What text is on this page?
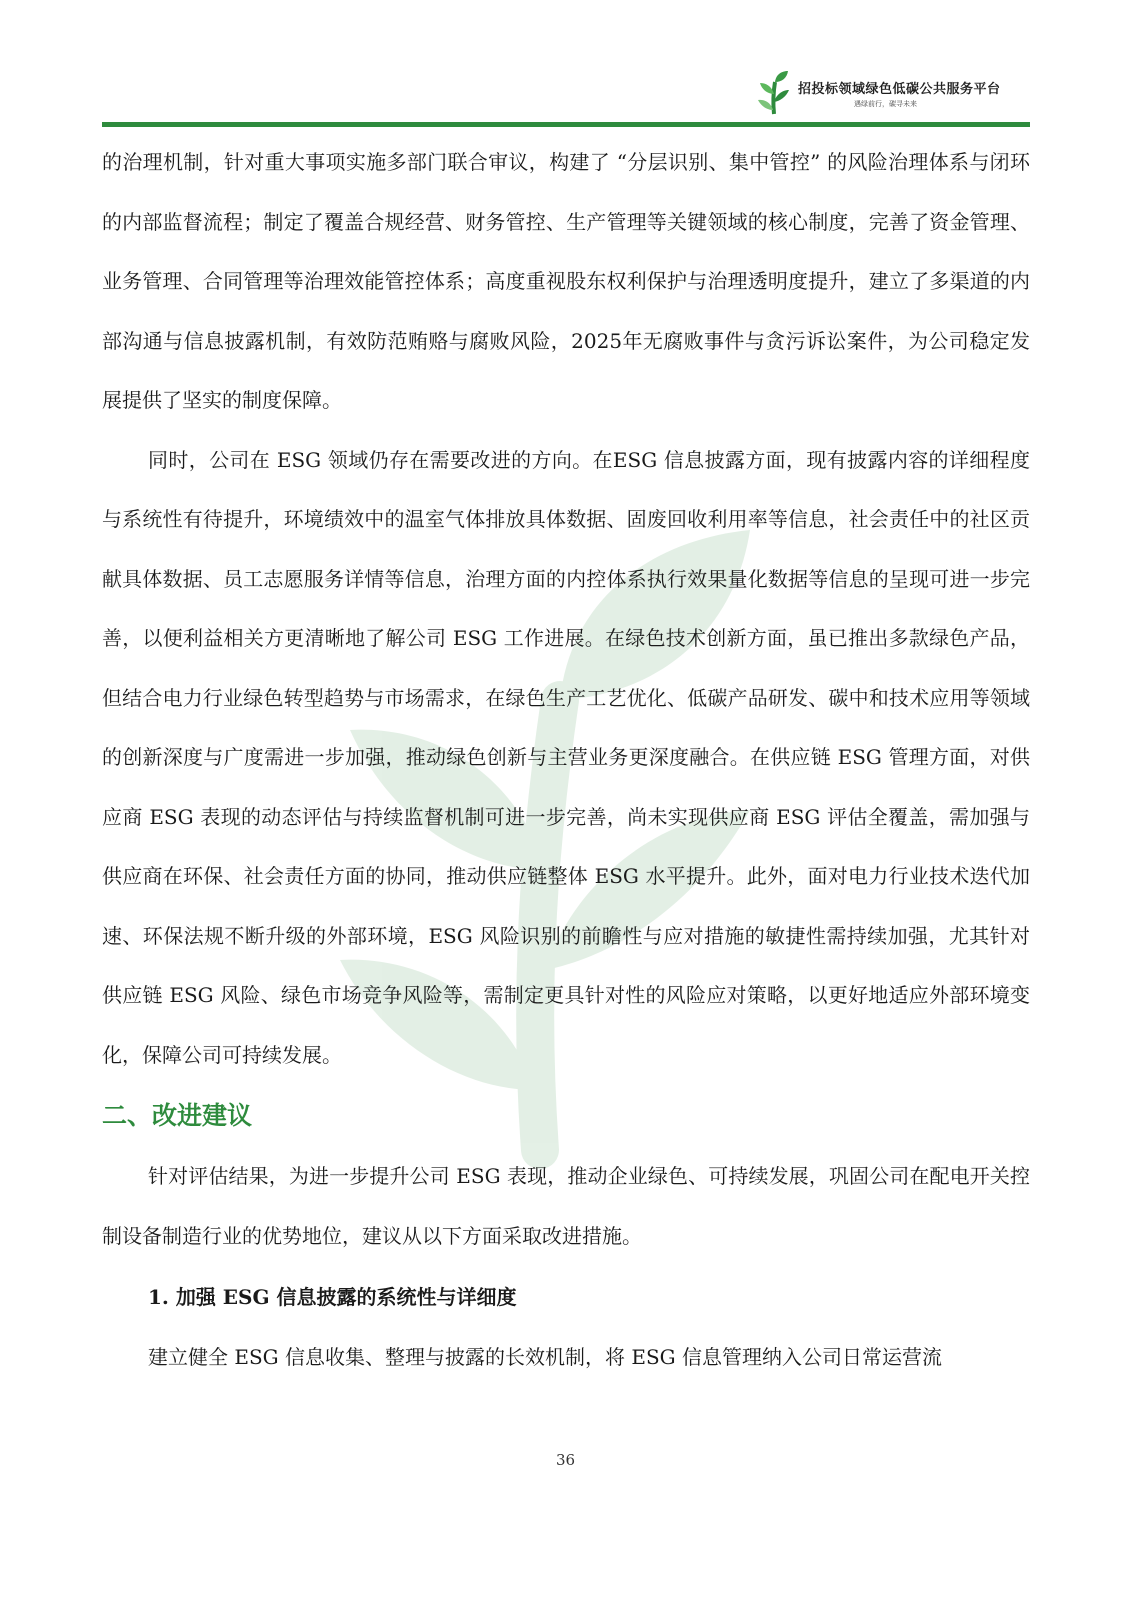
招投标领域绿色低碳公共服务平台
遇绿前行，碳寻未来

的治理机制，针对重大事项实施多部门联合审议，构建了 “分层识别、集中管控” 的风险治理体系与闭环的内部监督流程；制定了覆盖合规经营、财务管控、生产管理等关键领域的核心制度，完善了资金管理、业务管理、合同管理等治理效能管控体系；高度重视股东权利保护与治理透明度提升，建立了多渠道的内部沟通与信息披露机制，有效防范贿赂与腐败风险，2025年无腐败事件与贪污诉讼案件，为公司稳定发展提供了坚实的制度保障。

同时，公司在 ESG 领域仍存在需要改进的方向。在ESG 信息披露方面，现有披露内容的详细程度与系统性有待提升，环境绩效中的温室气体排放具体数据、固废回收利用率等信息，社会责任中的社区贡献具体数据、员工志愿服务详情等信息，治理方面的内控体系执行效果量化数据等信息的呈现可进一步完善，以便利益相关方更清晰地了解公司 ESG 工作进展。在绿色技术创新方面，虽已推出多款绿色产品，但结合电力行业绿色转型趋势与市场需求，在绿色生产工艺优化、低碳产品研发、碳中和技术应用等领域的创新深度与广度需进一步加强，推动绿色创新与主营业务更深度融合。在供应链 ESG 管理方面，对供应商 ESG 表现的动态评估与持续监督机制可进一步完善，尚未实现供应商 ESG 评估全覆盖，需加强与供应商在环保、社会责任方面的协同，推动供应链整体 ESG 水平提升。此外，面对电力行业技术迭代加速、环保法规不断升级的外部环境，ESG 风险识别的前瞻性与应对措施的敏捷性需持续加强，尤其针对供应链 ESG 风险、绿色市场竞争风险等，需制定更具针对性的风险应对策略，以更好地适应外部环境变化，保障公司可持续发展。

二、改进建议

针对评估结果，为进一步提升公司 ESG 表现，推动企业绿色、可持续发展，巩固公司在配电开关控制设备制造行业的优势地位，建议从以下方面采取改进措施。

1. 加强 ESG 信息披露的系统性与详细度

建立健全 ESG 信息收集、整理与披露的长效机制，将 ESG 信息管理纳入公司日常运营流

36
